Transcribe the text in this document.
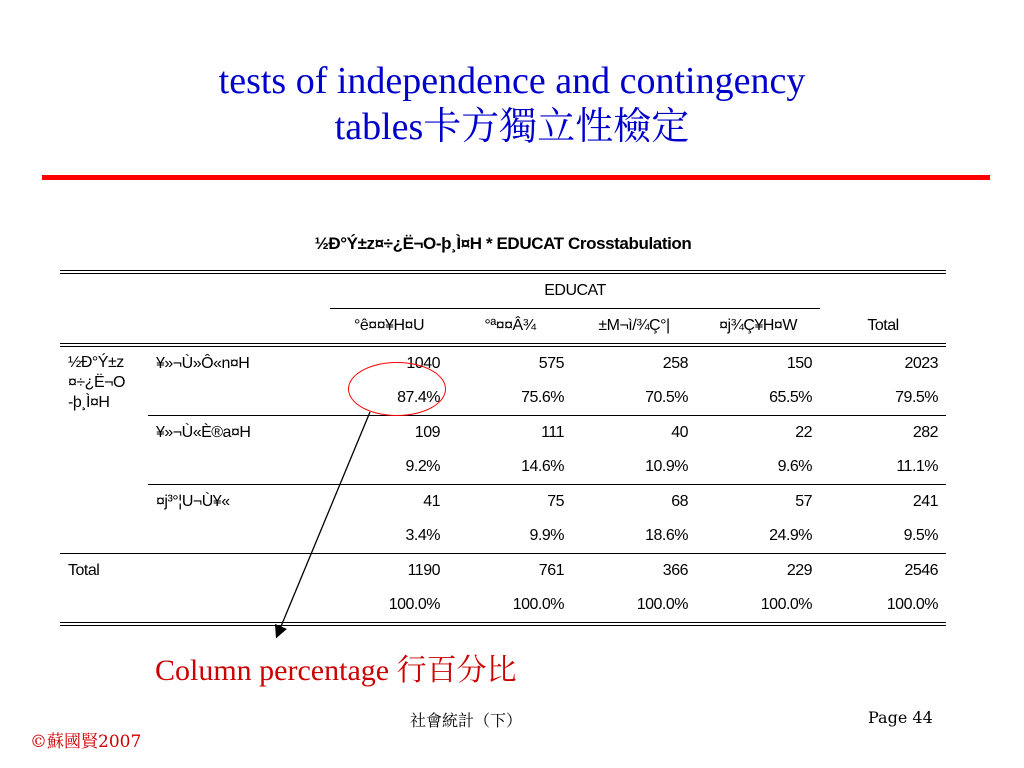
tests of independence and contingency
tables卡方獨立性檢定
½Ð°Ý±z¤÷¿Ë¬O-þ¸Ì¤H * EDUCAT Crosstabulation
		EDUCAT				
		°ê¤¤¥H¤U	°ª¤¤Â¾	±M¬ì/¾Ç°|	¤j¾Ç¥H¤W	Total
½Ð°Ý±z ¤÷¿Ë¬O -þ¸Ì¤H	¥»¬Ù»Ô«n¤H	1040	575	258	150	2023
		87.4%	75.6%	70.5%	65.5%	79.5%
	¥»¬Ù«È®a¤H	109	111	40	22	282
		9.2%	14.6%	10.9%	9.6%	11.1%
	¤j³°¦U¬Ù¥«	41	75	68	57	241
		3.4%	9.9%	18.6%	24.9%	9.5%
Total		1190	761	366	229	2546
		100.0%	100.0%	100.0%	100.0%	100.0%
Column percentage 行百分比
社會統計（下）	Page 44
©蘇國賢2007
